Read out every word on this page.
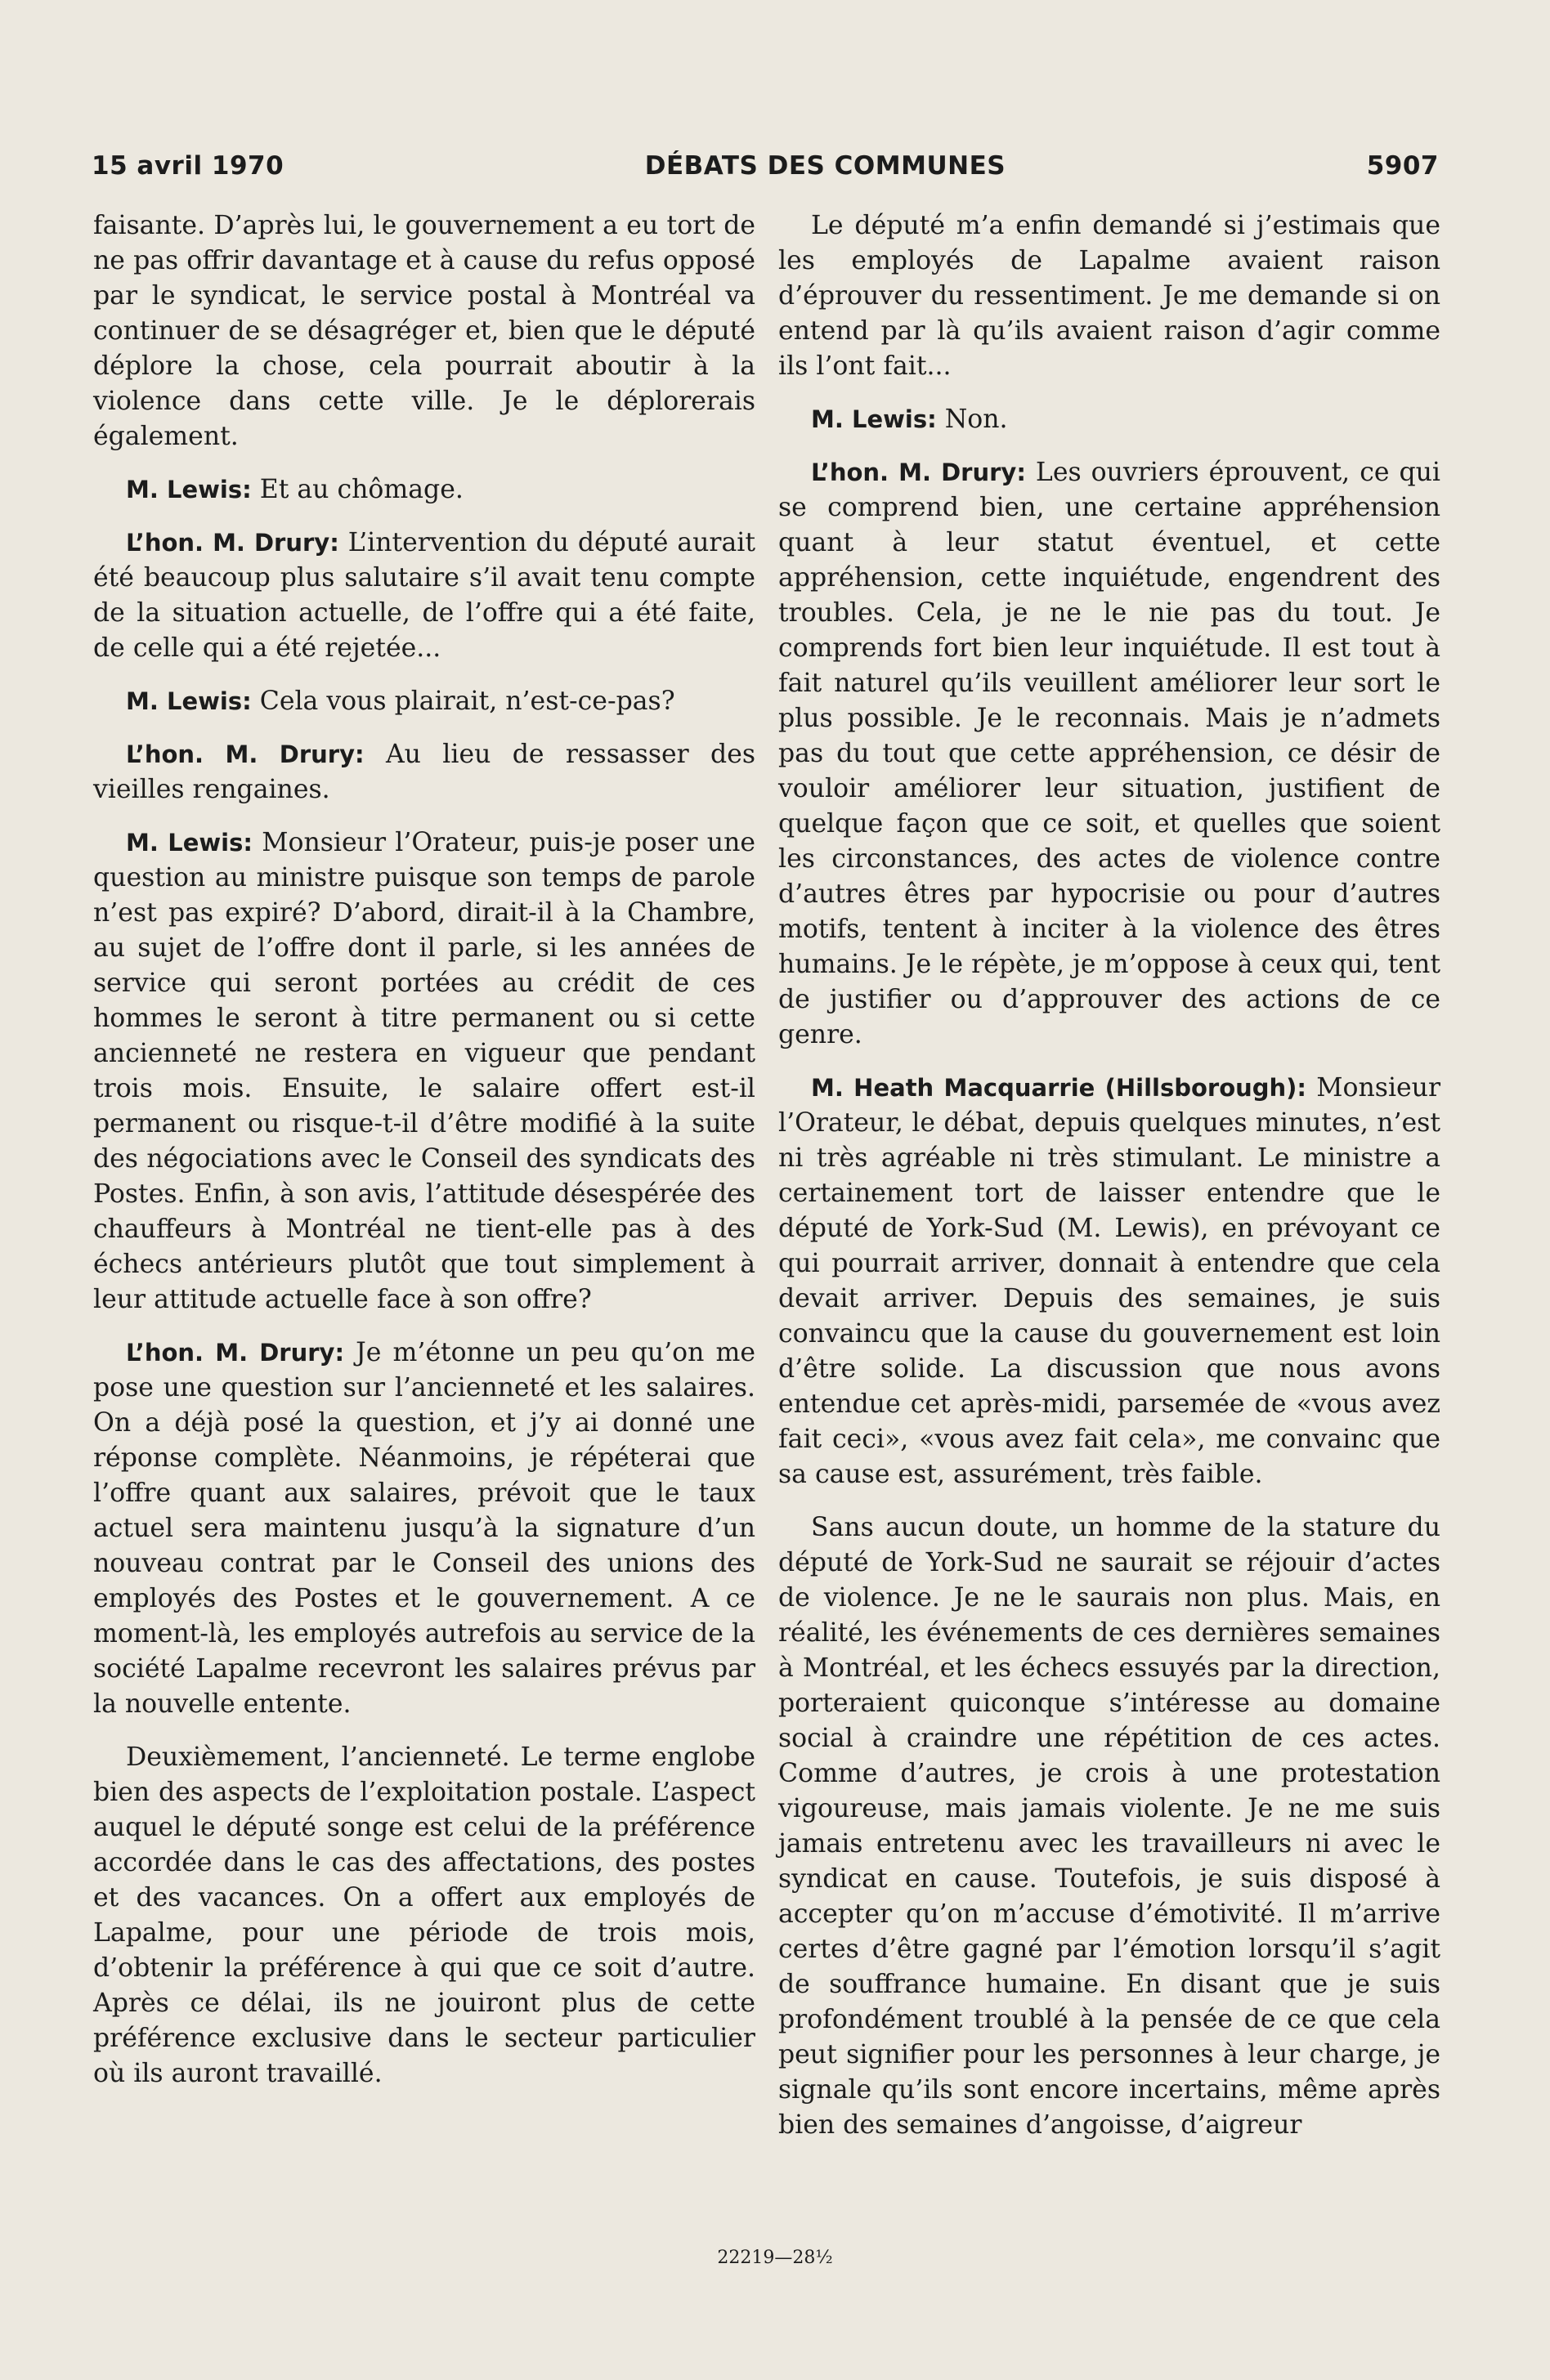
15 avril 1970	DÉBATS DES COMMUNES	5907

faisante. D’après lui, le gouvernement a eu tort de ne pas offrir davantage et à cause du refus opposé par le syndicat, le service postal à Montréal va continuer de se désagréger et, bien que le député déplore la chose, cela pourrait aboutir à la violence dans cette ville. Je le déplorerais également.

M. Lewis: Et au chômage.

L’hon. M. Drury: L’intervention du député aurait été beaucoup plus salutaire s’il avait tenu compte de la situation actuelle, de l’offre qui a été faite, de celle qui a été rejetée...

M. Lewis: Cela vous plairait, n’est-ce-pas?

L’hon. M. Drury: Au lieu de ressasser des vieilles rengaines.

M. Lewis: Monsieur l’Orateur, puis-je poser une question au ministre puisque son temps de parole n’est pas expiré? D’abord, dirait-il à la Chambre, au sujet de l’offre dont il parle, si les années de service qui seront portées au crédit de ces hommes le seront à titre permanent ou si cette ancienneté ne restera en vigueur que pendant trois mois. Ensuite, le salaire offert est-il permanent ou risque-t-il d’être modifié à la suite des négociations avec le Conseil des syndicats des Postes. Enfin, à son avis, l’attitude désespérée des chauffeurs à Montréal ne tient-elle pas à des échecs antérieurs plutôt que tout simplement à leur attitude actuelle face à son offre?

L’hon. M. Drury: Je m’étonne un peu qu’on me pose une question sur l’ancienneté et les salaires. On a déjà posé la question, et j’y ai donné une réponse complète. Néanmoins, je répéterai que l’offre quant aux salaires, prévoit que le taux actuel sera maintenu jusqu’à la signature d’un nouveau contrat par le Conseil des unions des employés des Postes et le gouvernement. A ce moment-là, les employés autrefois au service de la société Lapalme recevront les salaires prévus par la nouvelle entente.

Deuxièmement, l’ancienneté. Le terme englobe bien des aspects de l’exploitation postale. L’aspect auquel le député songe est celui de la préférence accordée dans le cas des affectations, des postes et des vacances. On a offert aux employés de Lapalme, pour une période de trois mois, d’obtenir la préférence à qui que ce soit d’autre. Après ce délai, ils ne jouiront plus de cette préférence exclusive dans le secteur particulier où ils auront travaillé.

Le député m’a enfin demandé si j’estimais que les employés de Lapalme avaient raison d’éprouver du ressentiment. Je me demande si on entend par là qu’ils avaient raison d’agir comme ils l’ont fait...

M. Lewis: Non.

L’hon. M. Drury: Les ouvriers éprouvent, ce qui se comprend bien, une certaine appréhension quant à leur statut éventuel, et cette appréhension, cette inquiétude, engendrent des troubles. Cela, je ne le nie pas du tout. Je comprends fort bien leur inquiétude. Il est tout à fait naturel qu’ils veuillent améliorer leur sort le plus possible. Je le reconnais. Mais je n’admets pas du tout que cette appréhension, ce désir de vouloir améliorer leur situation, justifient de quelque façon que ce soit, et quelles que soient les circonstances, des actes de violence contre d’autres êtres par hypocrisie ou pour d’autres motifs, tentent à inciter à la violence des êtres humains. Je le répète, je m’oppose à ceux qui, tent de justifier ou d’approuver des actions de ce genre.

M. Heath Macquarrie (Hillsborough): Monsieur l’Orateur, le débat, depuis quelques minutes, n’est ni très agréable ni très stimulant. Le ministre a certainement tort de laisser entendre que le député de York-Sud (M. Lewis), en prévoyant ce qui pourrait arriver, donnait à entendre que cela devait arriver. Depuis des semaines, je suis convaincu que la cause du gouvernement est loin d’être solide. La discussion que nous avons entendue cet après-midi, parsemée de «vous avez fait ceci», «vous avez fait cela», me convainc que sa cause est, assurément, très faible.

Sans aucun doute, un homme de la stature du député de York-Sud ne saurait se réjouir d’actes de violence. Je ne le saurais non plus. Mais, en réalité, les événements de ces dernières semaines à Montréal, et les échecs essuyés par la direction, porteraient quiconque s’intéresse au domaine social à craindre une répétition de ces actes. Comme d’autres, je crois à une protestation vigoureuse, mais jamais violente. Je ne me suis jamais entretenu avec les travailleurs ni avec le syndicat en cause. Toutefois, je suis disposé à accepter qu’on m’accuse d’émotivité. Il m’arrive certes d’être gagné par l’émotion lorsqu’il s’agit de souffrance humaine. En disant que je suis profondément troublé à la pensée de ce que cela peut signifier pour les personnes à leur charge, je signale qu’ils sont encore incertains, même après bien des semaines d’angoisse, d’aigreur

22219—28½
